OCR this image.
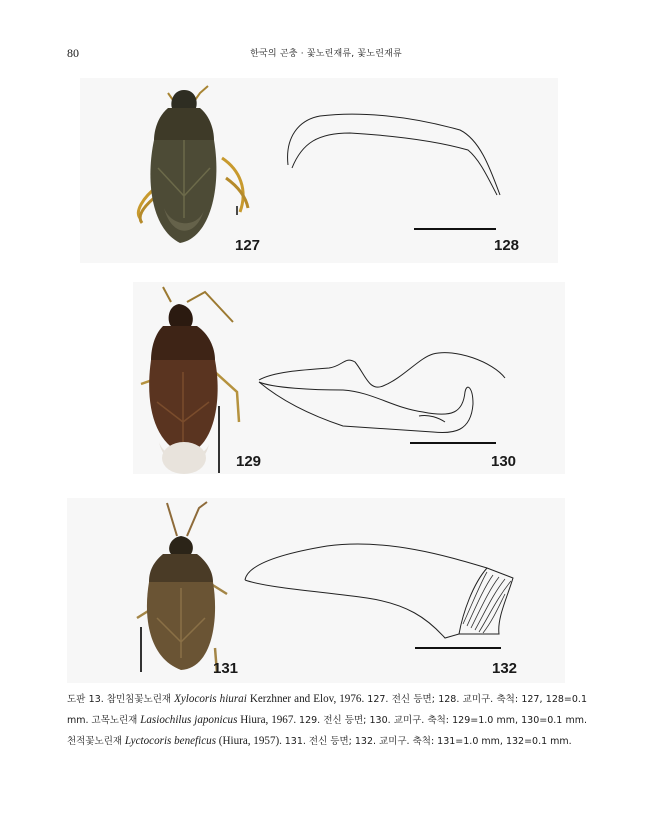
80	한국의 곤충 · 꽃노린재류, 꽃노린재류
127	128
129	130
131	132
도판 13. 참민침꽃노린재 Xylocoris hiurai Kerzhner and Elov, 1976. 127. 전신 등면; 128. 교미구. 축척: 127, 128=0.1 mm. 고목노린재 Lasiochilus japonicus Hiura, 1967. 129. 전신 등면; 130. 교미구. 축척: 129=1.0 mm, 130=0.1 mm. 천적꽃노린재 Lyctocoris beneficus (Hiura, 1957). 131. 전신 등면; 132. 교미구. 축척: 131=1.0 mm, 132=0.1 mm.
